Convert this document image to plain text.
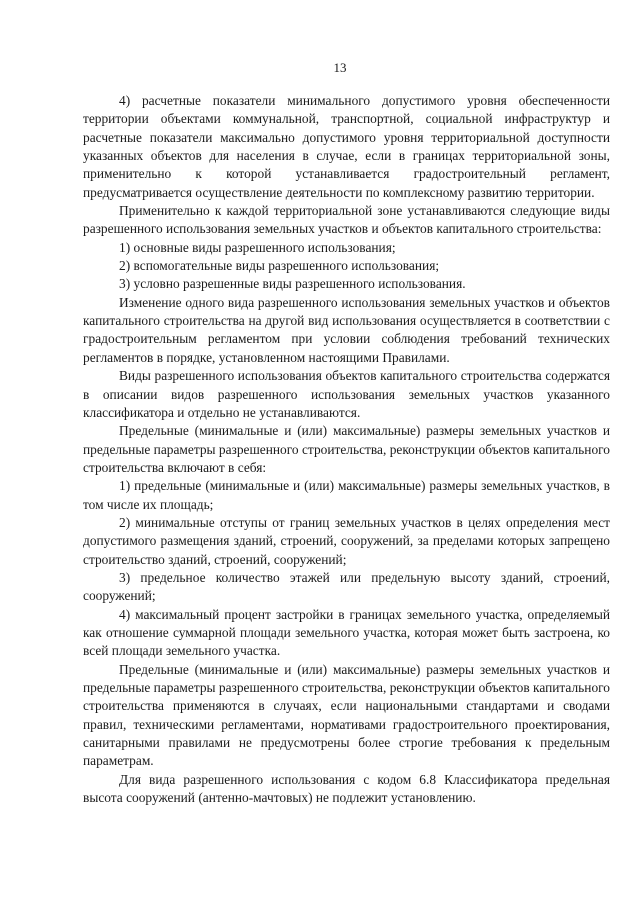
13

4) расчетные показатели минимального допустимого уровня обеспеченности территории объектами коммунальной, транспортной, социальной инфраструктур и расчетные показатели максимально допустимого уровня территориальной доступности указанных объектов для населения в случае, если в границах территориальной зоны, применительно к которой устанавливается градостроительный регламент, предусматривается осуществление деятельности по комплексному развитию территории.

Применительно к каждой территориальной зоне устанавливаются следующие виды разрешенного использования земельных участков и объектов капитального строительства:

1) основные виды разрешенного использования;

2) вспомогательные виды разрешенного использования;

3) условно разрешенные виды разрешенного использования.

Изменение одного вида разрешенного использования земельных участков и объектов капитального строительства на другой вид использования осуществляется в соответствии с градостроительным регламентом при условии соблюдения требований технических регламентов в порядке, установленном настоящими Правилами.

Виды разрешенного использования объектов капитального строительства содержатся в описании видов разрешенного использования земельных участков указанного классификатора и отдельно не устанавливаются.

Предельные (минимальные и (или) максимальные) размеры земельных участков и предельные параметры разрешенного строительства, реконструкции объектов капитального строительства включают в себя:

1) предельные (минимальные и (или) максимальные) размеры земельных участков, в том числе их площадь;

2) минимальные отступы от границ земельных участков в целях определения мест допустимого размещения зданий, строений, сооружений, за пределами которых запрещено строительство зданий, строений, сооружений;

3) предельное количество этажей или предельную высоту зданий, строений, сооружений;

4) максимальный процент застройки в границах земельного участка, определяемый как отношение суммарной площади земельного участка, которая может быть застроена, ко всей площади земельного участка.

Предельные (минимальные и (или) максимальные) размеры земельных участков и предельные параметры разрешенного строительства, реконструкции объектов капитального строительства применяются в случаях, если национальными стандартами и сводами правил, техническими регламентами, нормативами градостроительного проектирования, санитарными правилами не предусмотрены более строгие требования к предельным параметрам.

Для вида разрешенного использования с кодом 6.8 Классификатора предельная высота сооружений (антенно-мачтовых) не подлежит установлению.
